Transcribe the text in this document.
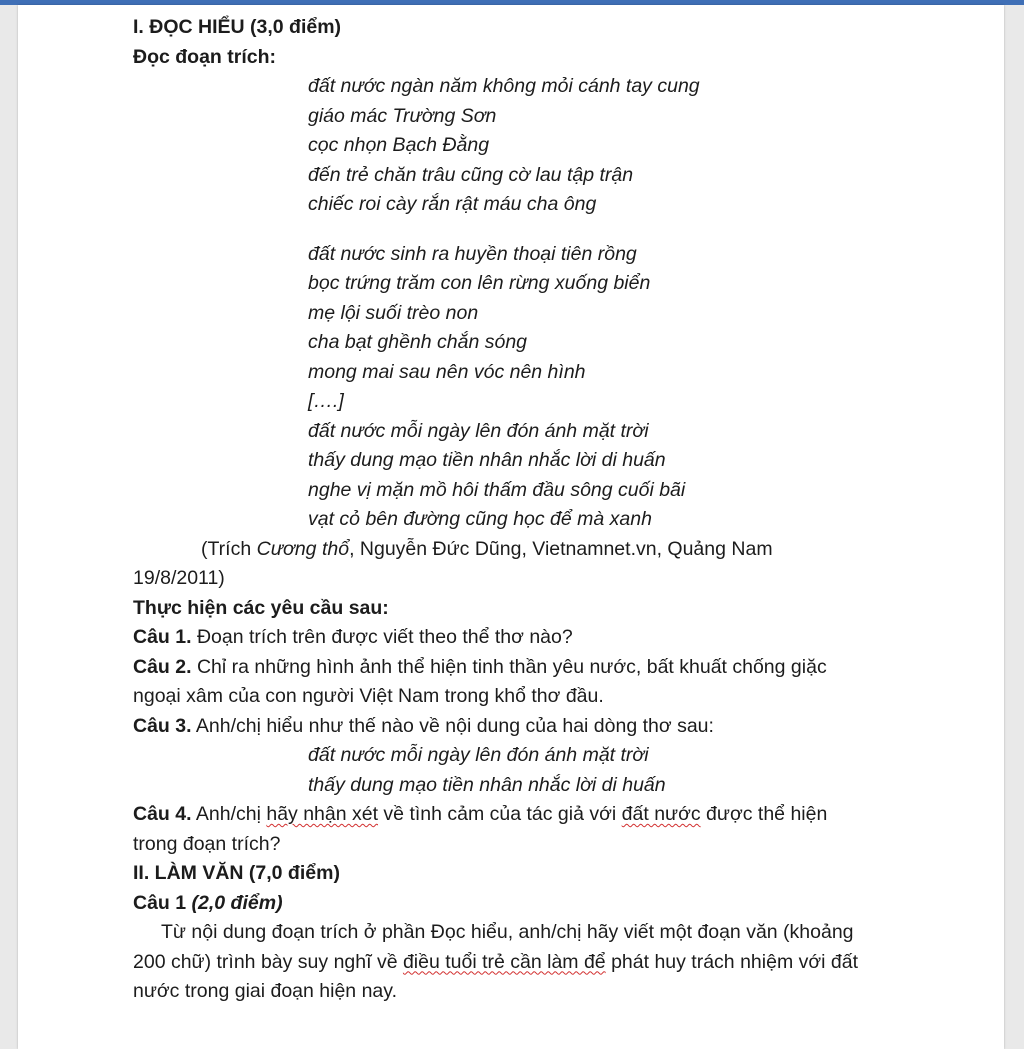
I. ĐỌC HIỂU (3,0 điểm)
Đọc đoạn trích:
đất nước ngàn năm không mỏi cánh tay cung
giáo mác Trường Sơn
cọc nhọn Bạch Đằng
đến trẻ chăn trâu cũng cờ lau tập trận
chiếc roi cày rắn rật máu cha ông
đất nước sinh ra huyền thoại tiên rồng
bọc trứng trăm con lên rừng xuống biển
mẹ lội suối trèo non
cha bạt ghềnh chắn sóng
mong mai sau nên vóc nên hình
[….]
đất nước mỗi ngày lên đón ánh mặt trời
thấy dung mạo tiền nhân nhắc lời di huấn
nghe vị mặn mồ hôi thấm đầu sông cuối bãi
vạt cỏ bên đường cũng học để mà xanh
(Trích Cương thổ, Nguyễn Đức Dũng, Vietnamnet.vn, Quảng Nam
19/8/2011)
Thực hiện các yêu cầu sau:
Câu 1. Đoạn trích trên được viết theo thể thơ nào?
Câu 2. Chỉ ra những hình ảnh thể hiện tinh thần yêu nước, bất khuất chống giặc ngoại xâm của con người Việt Nam trong khổ thơ đầu.
Câu 3. Anh/chị hiểu như thế nào về nội dung của hai dòng thơ sau:
đất nước mỗi ngày lên đón ánh mặt trời
thấy dung mạo tiền nhân nhắc lời di huấn
Câu 4. Anh/chị hãy nhận xét về tình cảm của tác giả với đất nước được thể hiện trong đoạn trích?
II. LÀM VĂN (7,0 điểm)
Câu 1 (2,0 điểm)
Từ nội dung đoạn trích ở phần Đọc hiểu, anh/chị hãy viết một đoạn văn (khoảng 200 chữ) trình bày suy nghĩ về điều tuổi trẻ cần làm để phát huy trách nhiệm với đất nước trong giai đoạn hiện nay.
